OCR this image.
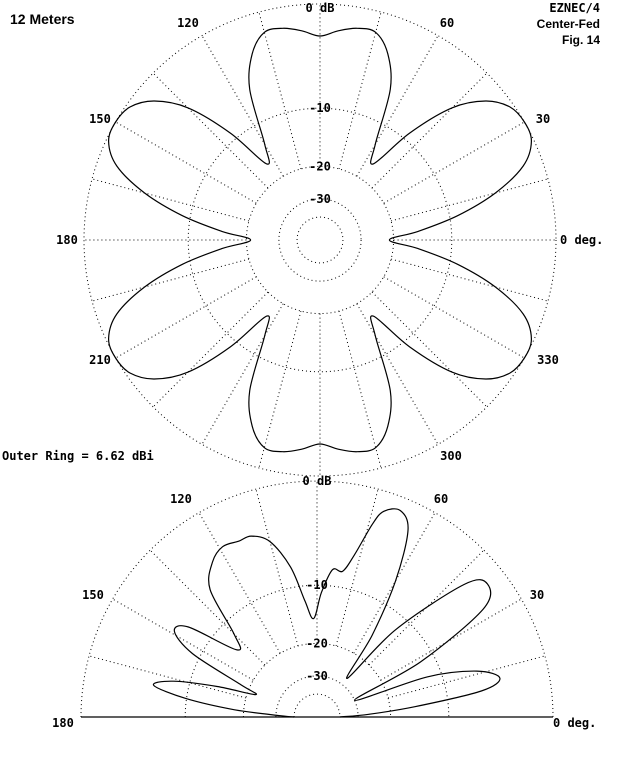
12 Meters
EZNEC/4
Center-Fed
Fig. 14
Outer Ring = 6.62 dBi
0 dB
-10
-20
-30
0 deg.
30
60
120
150
180
210
300
330
0 dB
-10
-20
-30
0 deg.
30
60
120
150
180
